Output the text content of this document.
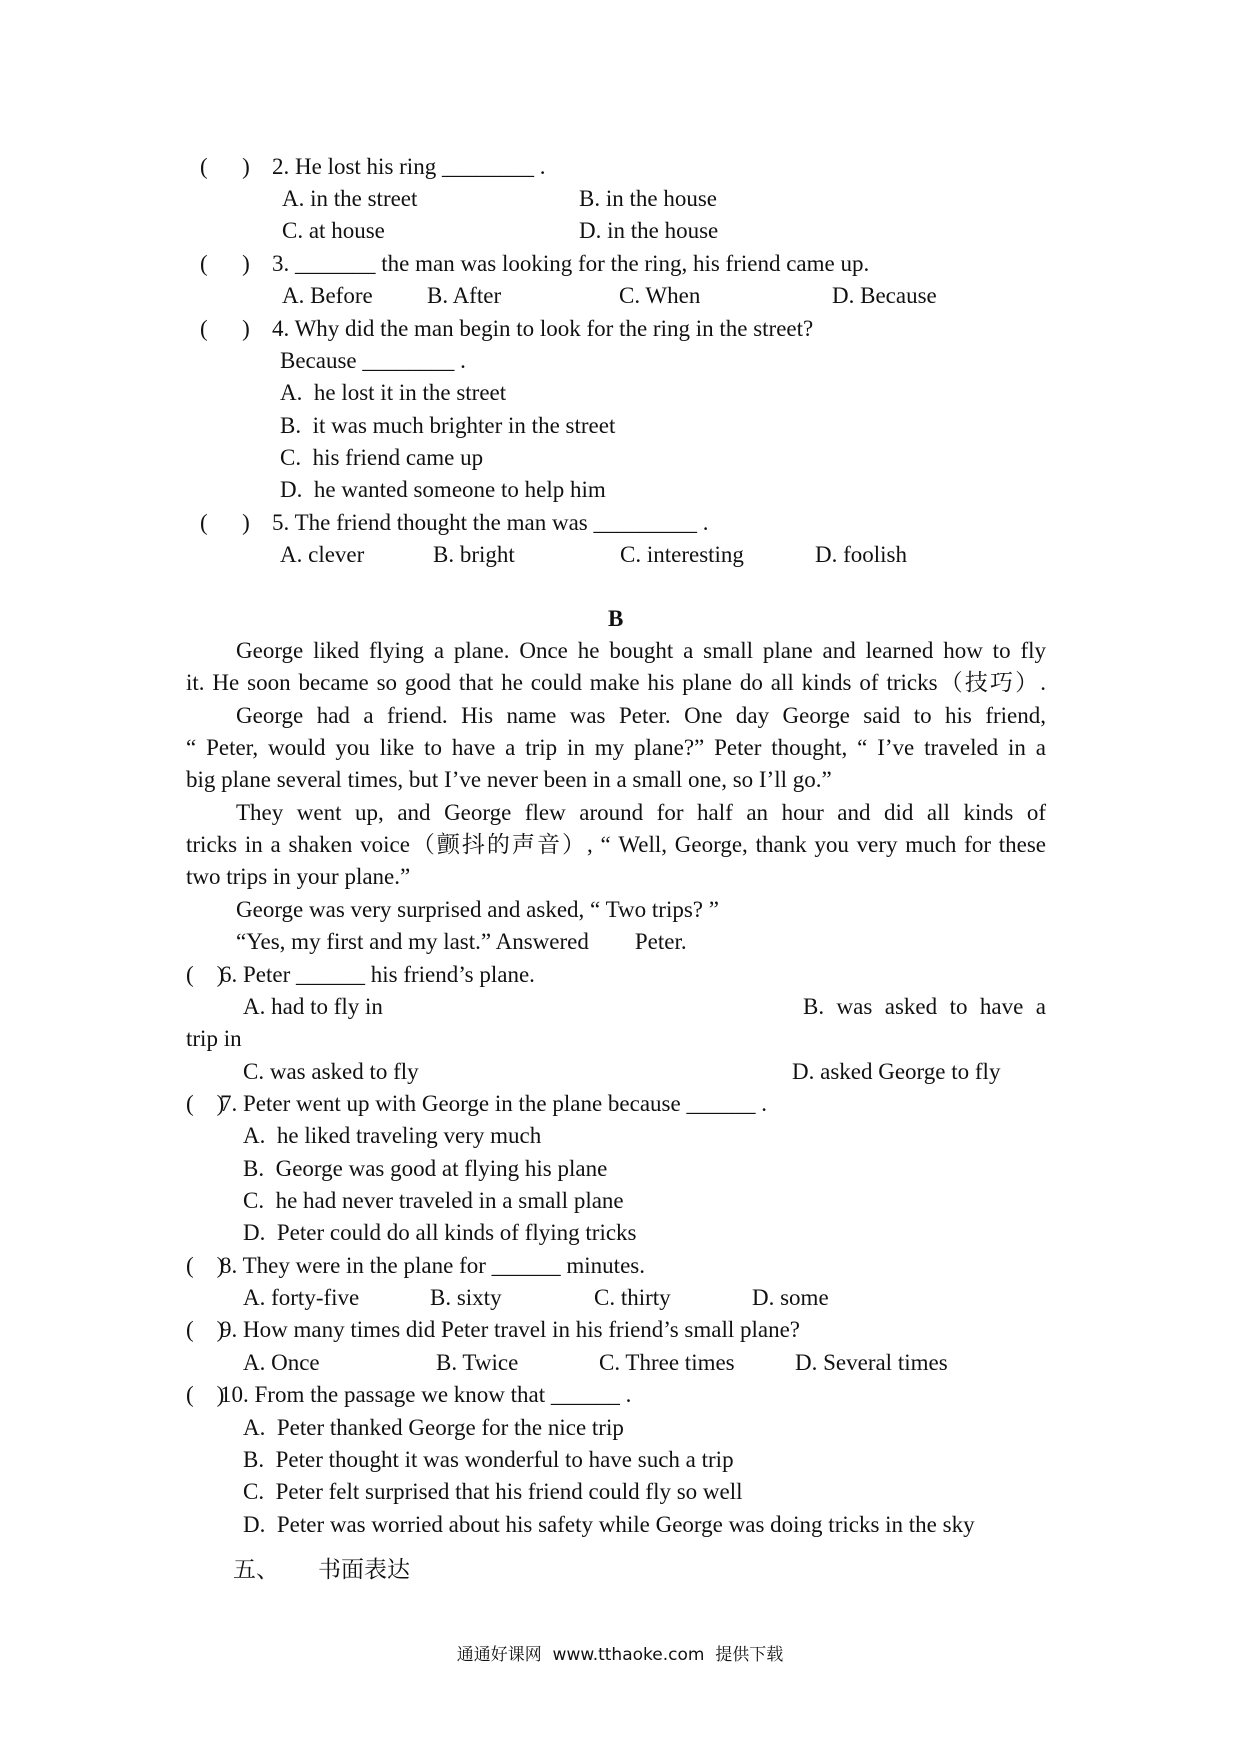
(      ) 2. He lost his ring ________ .
A. in the street	B. in the house
C. at house	D. in the house
(      ) 3. _______ the man was looking for the ring, his friend came up.
A. Before B. After	C. When	D. Because
(      ) 4. Why did the man begin to look for the ring in the street?
Because ________ .
A.  he lost it in the street
B.  it was much brighter in the street
C.  his friend came up
D.  he wanted someone to help him
(      ) 5. The friend thought the man was _________ .
A. clever	B. bright	C. interesting	D. foolish
B
George liked flying a plane. Once he bought a small plane and learned how to fly
it. He soon became so good that he could make his plane do all kinds of tricks（技巧）.
George had a friend. His name was Peter. One day George said to his friend,
“ Peter, would you like to have a trip in my plane?” Peter thought, “ I’ve traveled in a
big plane several times, but I’ve never been in a small one, so I’ll go.”
They went up, and George flew around for half an hour and did all kinds of
tricks in a shaken voice（颤抖的声音）, “ Well, George, thank you very much for these
two trips in your plane.”
George was very surprised and asked, “ Two trips? ”
“Yes, my first and my last.” Answered        Peter.
(    )
6. Peter ______ his friend’s plane.
A. had to fly in	B. was asked to have a
trip in
C. was asked to fly	D. asked George to fly
(    )
7. Peter went up with George in the plane because ______ .
A.  he liked traveling very much
B.  George was good at flying his plane
C.  he had never traveled in a small plane
D.  Peter could do all kinds of flying tricks
(    )
8. They were in the plane for ______ minutes.
A. forty-five	B. sixty	C. thirty	D. some
(    )
9. How many times did Peter travel in his friend’s small plane?
A. Once	B. Twice	C. Three times	D. Several times
(    )
10. From the passage we know that ______ .
A.  Peter thanked George for the nice trip
B.  Peter thought it was wonderful to have such a trip
C.  Peter felt surprised that his friend could fly so well
D.  Peter was worried about his safety while George was doing tricks in the sky
五、 书面表达
通通好课网  www.tthaoke.com  提供下载
